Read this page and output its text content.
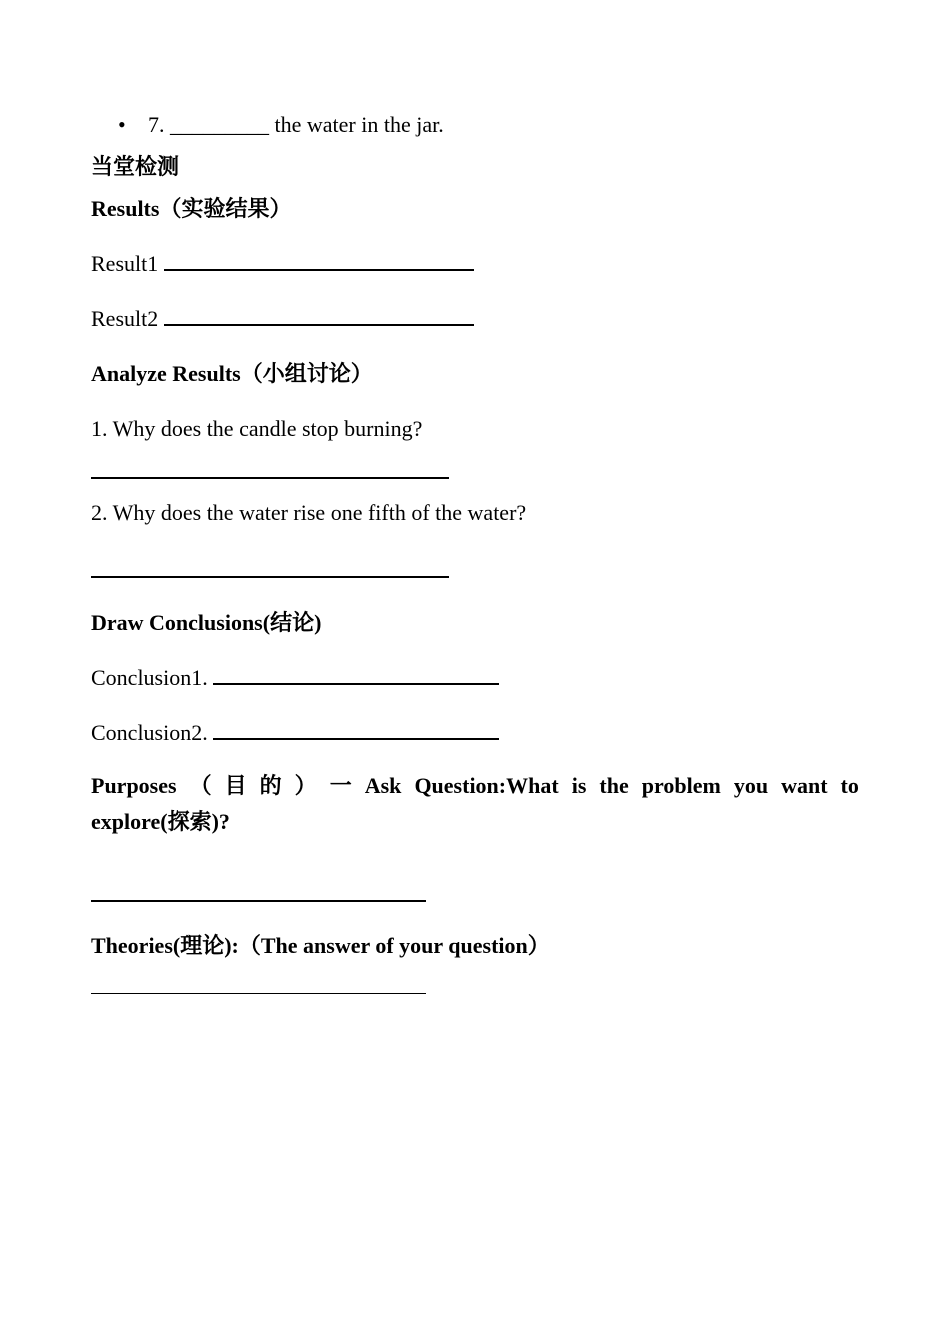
• 7. _________ the water in the jar.
当堂检测
Results（实验结果）
Result1
Result2
Analyze Results（小组讨论）
1. Why does the candle stop burning?
2. Why does the water rise one fifth of the water?
Draw Conclusions(结论)
Conclusion1.
Conclusion2.
Purposes （ 目 的 ） 一 Ask Question:What is the problem you want to
explore(探索)?
Theories(理论):（The answer of your question）
